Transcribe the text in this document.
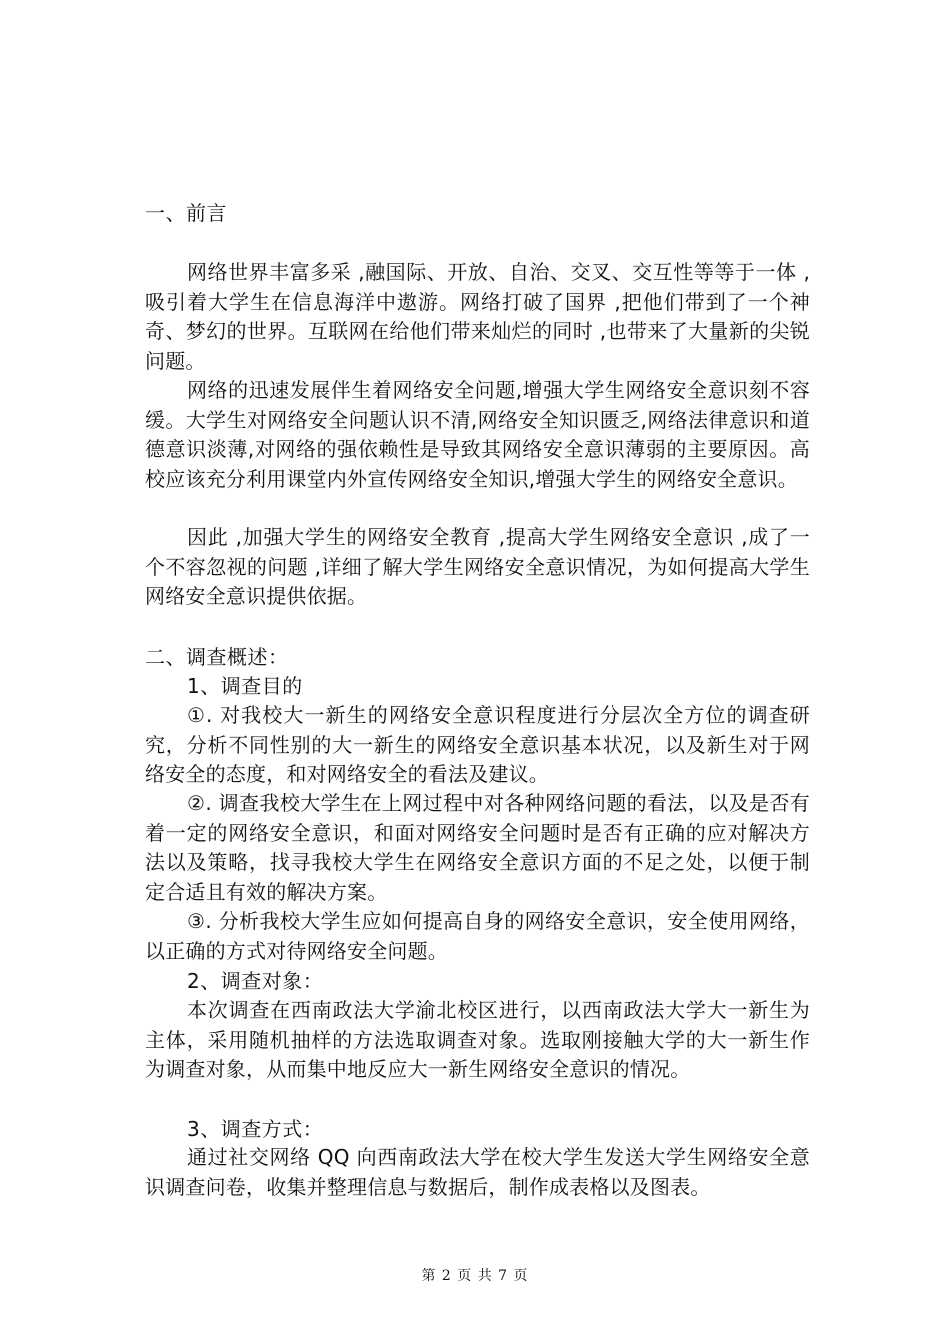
一、前言
网络世界丰富多采 ,融国际、开放、自治、交叉、交互性等等于一体 ,吸引着大学生在信息海洋中遨游。网络打破了国界 ,把他们带到了一个神奇、梦幻的世界。互联网在给他们带来灿烂的同时 ,也带来了大量新的尖锐问题。
网络的迅速发展伴生着网络安全问题,增强大学生网络安全意识刻不容缓。大学生对网络安全问题认识不清,网络安全知识匮乏,网络法律意识和道德意识淡薄,对网络的强依赖性是导致其网络安全意识薄弱的主要原因。高校应该充分利用课堂内外宣传网络安全知识,增强大学生的网络安全意识。
因此 ,加强大学生的网络安全教育 ,提高大学生网络安全意识 ,成了一个不容忽视的问题 ,详细了解大学生网络安全意识情况，为如何提高大学生网络安全意识提供依据。
二、调查概述：
1、调查目的
①. 对我校大一新生的网络安全意识程度进行分层次全方位的调查研究，分析不同性别的大一新生的网络安全意识基本状况，以及新生对于网络安全的态度，和对网络安全的看法及建议。
②. 调查我校大学生在上网过程中对各种网络问题的看法，以及是否有着一定的网络安全意识，和面对网络安全问题时是否有正确的应对解决方法以及策略，找寻我校大学生在网络安全意识方面的不足之处，以便于制定合适且有效的解决方案。
③. 分析我校大学生应如何提高自身的网络安全意识，安全使用网络，以正确的方式对待网络安全问题。
2、调查对象：
本次调查在西南政法大学渝北校区进行，以西南政法大学大一新生为主体，采用随机抽样的方法选取调查对象。选取刚接触大学的大一新生作为调查对象，从而集中地反应大一新生网络安全意识的情况。
3、调查方式：
通过社交网络 QQ 向西南政法大学在校大学生发送大学生网络安全意识调查问卷，收集并整理信息与数据后，制作成表格以及图表。
第 2 页 共 7 页
